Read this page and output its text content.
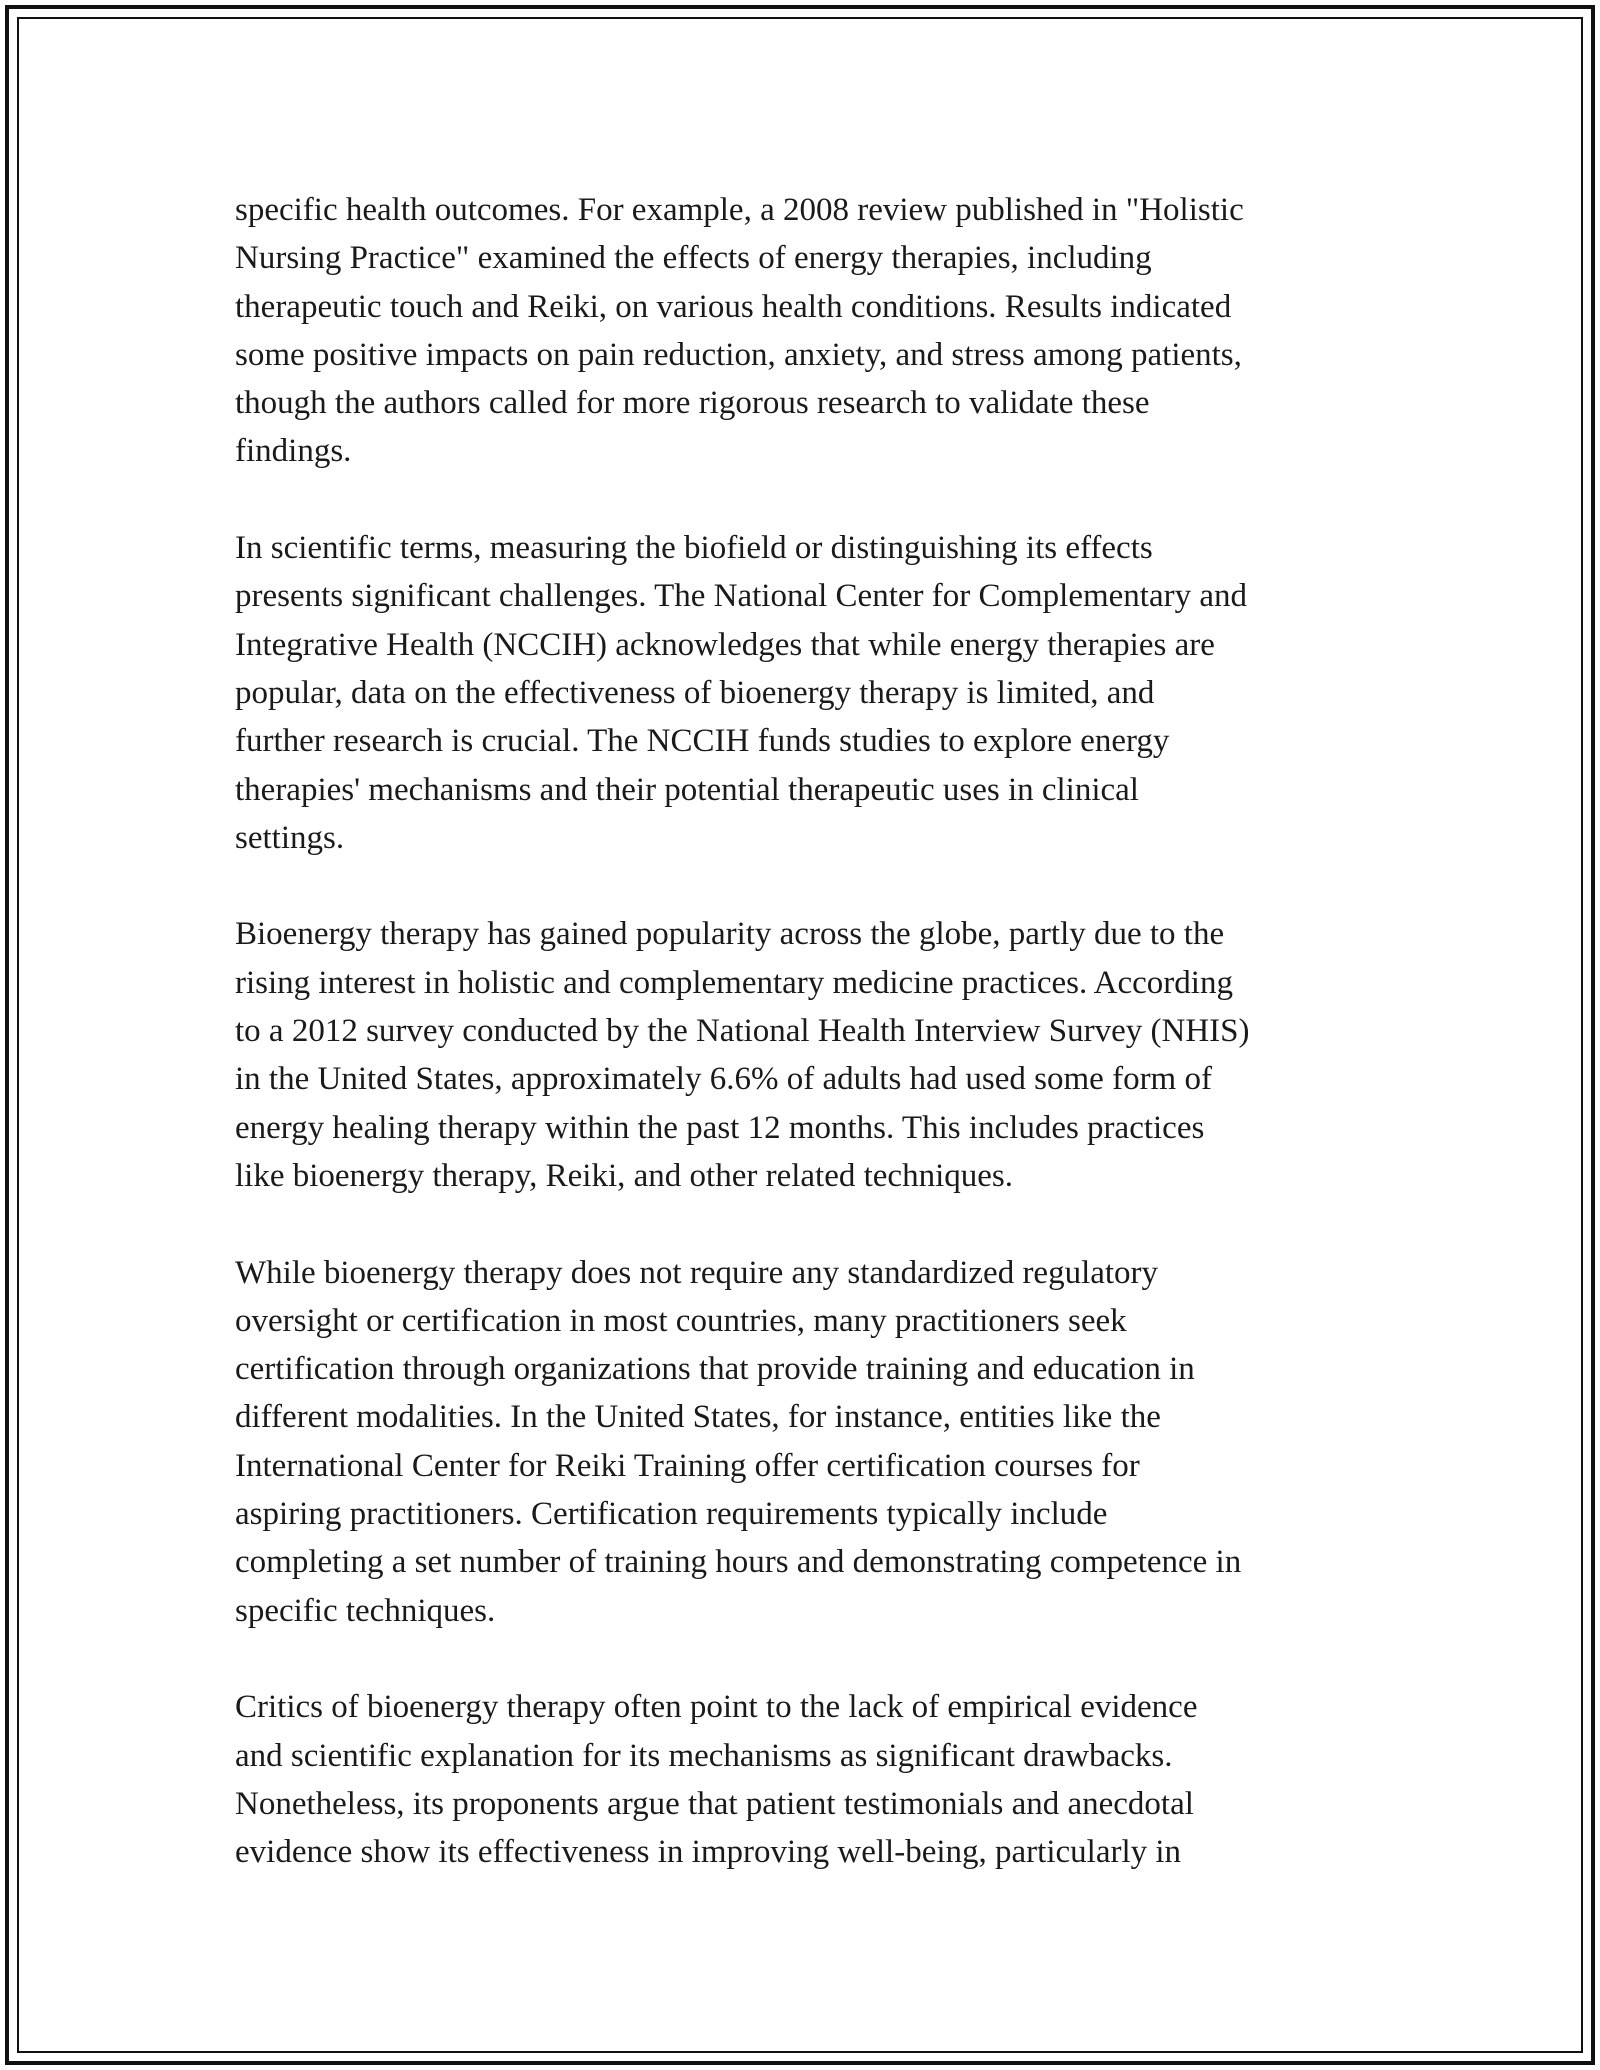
specific health outcomes. For example, a 2008 review published in "Holistic
Nursing Practice" examined the effects of energy therapies, including
therapeutic touch and Reiki, on various health conditions. Results indicated
some positive impacts on pain reduction, anxiety, and stress among patients,
though the authors called for more rigorous research to validate these
findings.

In scientific terms, measuring the biofield or distinguishing its effects
presents significant challenges. The National Center for Complementary and
Integrative Health (NCCIH) acknowledges that while energy therapies are
popular, data on the effectiveness of bioenergy therapy is limited, and
further research is crucial. The NCCIH funds studies to explore energy
therapies' mechanisms and their potential therapeutic uses in clinical
settings.

Bioenergy therapy has gained popularity across the globe, partly due to the
rising interest in holistic and complementary medicine practices. According
to a 2012 survey conducted by the National Health Interview Survey (NHIS)
in the United States, approximately 6.6% of adults had used some form of
energy healing therapy within the past 12 months. This includes practices
like bioenergy therapy, Reiki, and other related techniques.

While bioenergy therapy does not require any standardized regulatory
oversight or certification in most countries, many practitioners seek
certification through organizations that provide training and education in
different modalities. In the United States, for instance, entities like the
International Center for Reiki Training offer certification courses for
aspiring practitioners. Certification requirements typically include
completing a set number of training hours and demonstrating competence in
specific techniques.

Critics of bioenergy therapy often point to the lack of empirical evidence
and scientific explanation for its mechanisms as significant drawbacks.
Nonetheless, its proponents argue that patient testimonials and anecdotal
evidence show its effectiveness in improving well-being, particularly in
